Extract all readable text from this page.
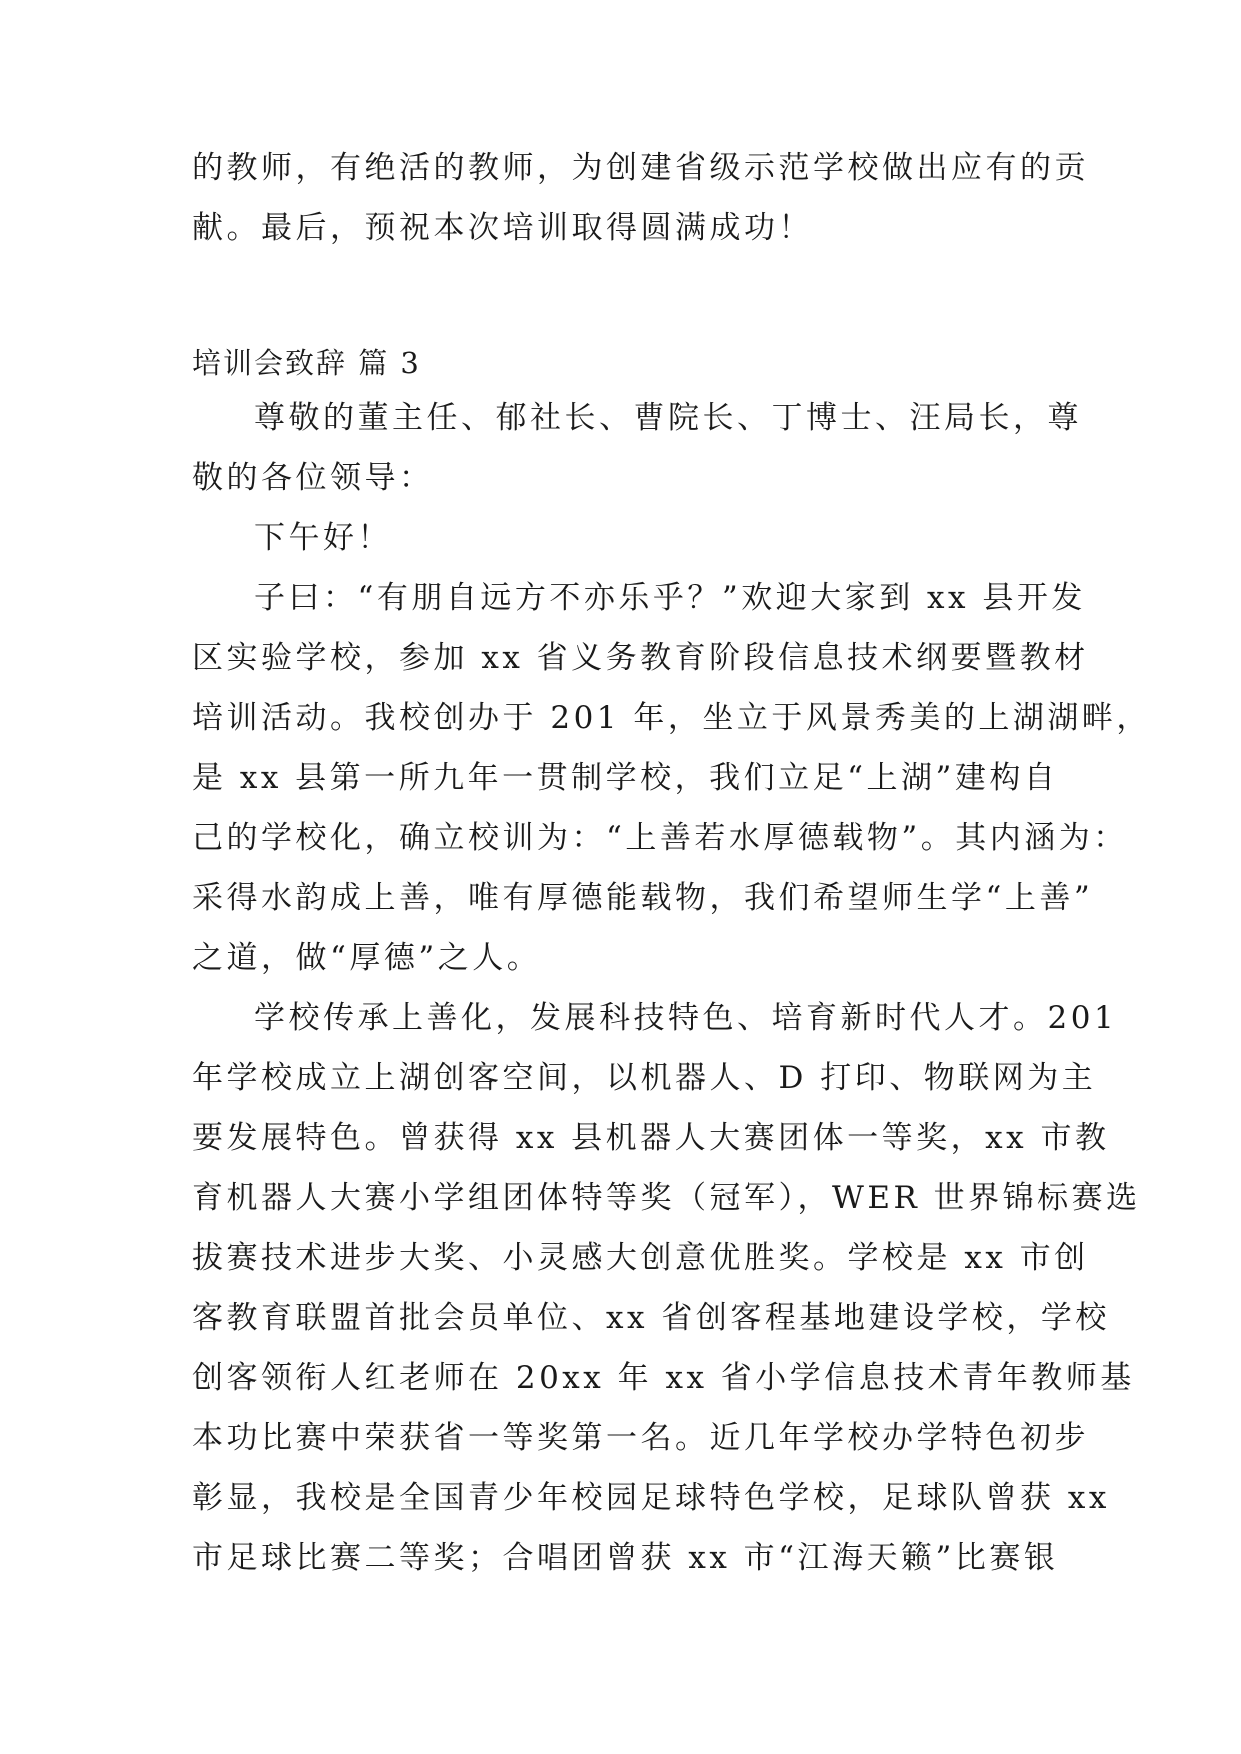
的教师，有绝活的教师，为创建省级示范学校做出应有的贡
献。最后，预祝本次培训取得圆满成功！
培训会致辞 篇 3
尊敬的董主任、郁社长、曹院长、丁博士、汪局长，尊
敬的各位领导：
下午好！
子曰：“有朋自远方不亦乐乎？”欢迎大家到 xx 县开发
区实验学校，参加 xx 省义务教育阶段信息技术纲要暨教材
培训活动。我校创办于 201 年，坐立于风景秀美的上湖湖畔，
是 xx 县第一所九年一贯制学校，我们立足“上湖”建构自
己的学校化，确立校训为：“上善若水厚德载物”。其内涵为：
采得水韵成上善，唯有厚德能载物，我们希望师生学“上善”
之道，做“厚德”之人。
学校传承上善化，发展科技特色、培育新时代人才。201
年学校成立上湖创客空间，以机器人、D 打印、物联网为主
要发展特色。曾获得 xx 县机器人大赛团体一等奖，xx 市教
育机器人大赛小学组团体特等奖（冠军），WER 世界锦标赛选
拔赛技术进步大奖、小灵感大创意优胜奖。学校是 xx 市创
客教育联盟首批会员单位、xx 省创客程基地建设学校，学校
创客领衔人红老师在 20xx 年 xx 省小学信息技术青年教师基
本功比赛中荣获省一等奖第一名。近几年学校办学特色初步
彰显，我校是全国青少年校园足球特色学校，足球队曾获 xx
市足球比赛二等奖；合唱团曾获 xx 市“江海天籁”比赛银
